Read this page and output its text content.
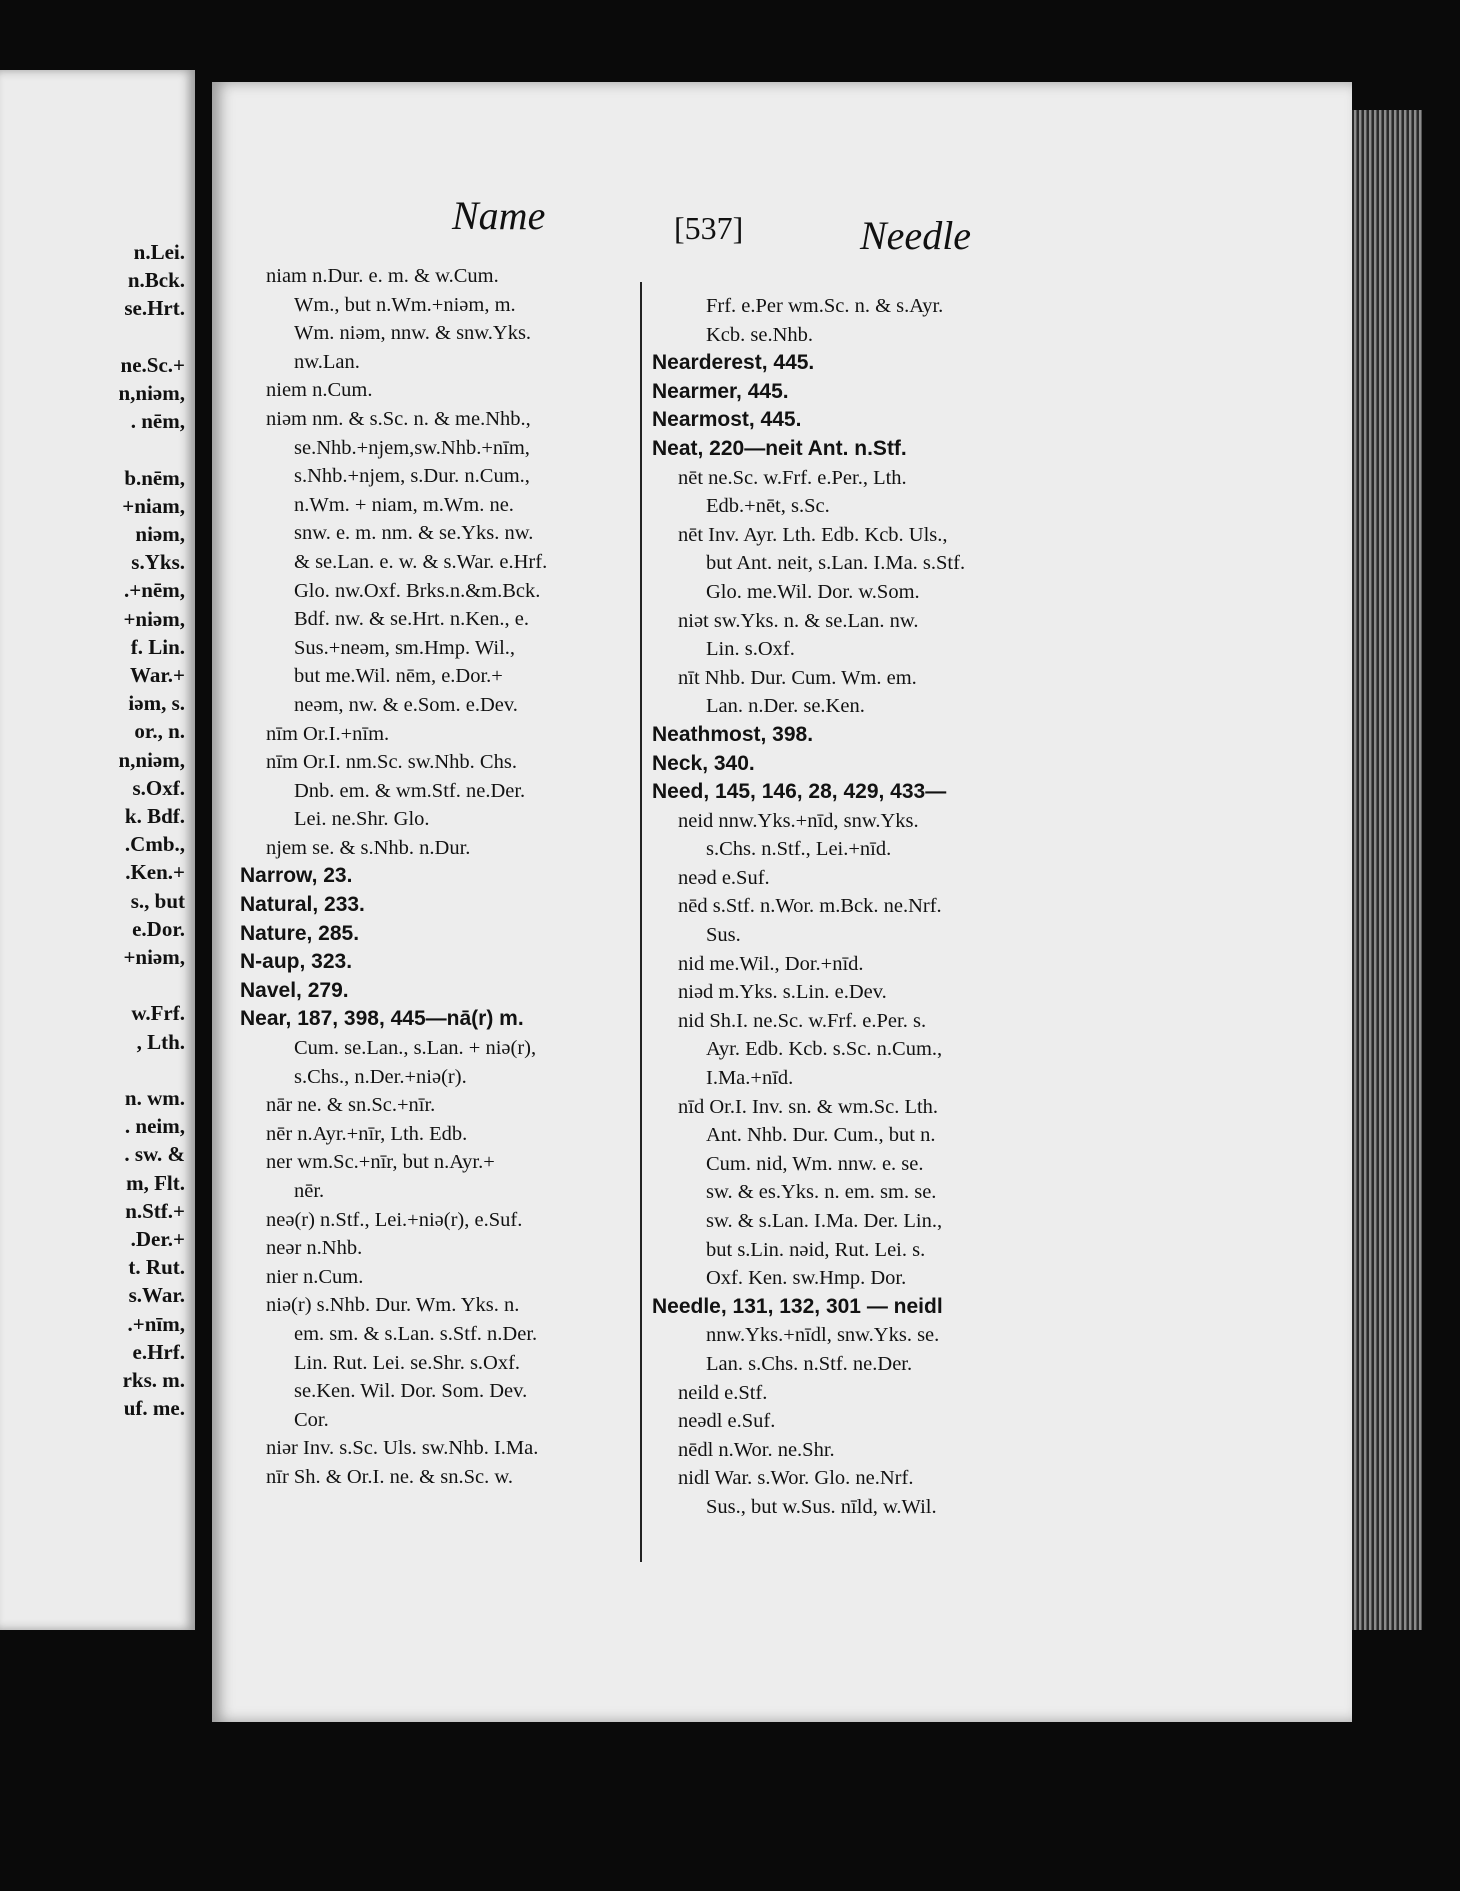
n.Lei.
n.Bck.
se.Hrt.
ne.Sc.+
n,niəm,
. nēm,
b.nēm,
+niam,
niəm,
s.Yks.
.+nēm,
+niəm,
f. Lin.
War.+
iəm, s.
or., n.
n,niəm,
s.Oxf.
k. Bdf.
.Cmb.,
.Ken.+
s., but
e.Dor.
+niəm,
w.Frf.
, Lth.
n. wm.
. neim,
. sw. &
m, Flt.
n.Stf.+
.Der.+
t. Rut.
s.War.
.+nīm,
e.Hrf.
rks. m.
uf. me.
Name	[537]	Needle
niam n.Dur. e. m. & w.Cum.
Wm., but n.Wm.+niəm, m.
Wm. niəm, nnw. & snw.Yks.
nw.Lan.
niem n.Cum.
niəm nm. & s.Sc. n. & me.Nhb.,
se.Nhb.+njem,sw.Nhb.+nīm,
s.Nhb.+njem, s.Dur. n.Cum.,
n.Wm. + niam, m.Wm. ne.
snw. e. m. nm. & se.Yks. nw.
& se.Lan. e. w. & s.War. e.Hrf.
Glo. nw.Oxf. Brks.n.&m.Bck.
Bdf. nw. & se.Hrt. n.Ken., e.
Sus.+neəm, sm.Hmp. Wil.,
but me.Wil. nēm, e.Dor.+
neəm, nw. & e.Som. e.Dev.
nīm Or.I.+nīm.
nīm Or.I. nm.Sc. sw.Nhb. Chs.
Dnb. em. & wm.Stf. ne.Der.
Lei. ne.Shr. Glo.
njem se. & s.Nhb. n.Dur.
Narrow, 23.
Natural, 233.
Nature, 285.
N-aup, 323.
Navel, 279.
Near, 187, 398, 445—nā(r) m.
Cum. se.Lan., s.Lan. + niə(r),
s.Chs., n.Der.+niə(r).
nār ne. & sn.Sc.+nīr.
nēr n.Ayr.+nīr, Lth. Edb.
ner wm.Sc.+nīr, but n.Ayr.+
nēr.
neə(r) n.Stf., Lei.+niə(r), e.Suf.
neər n.Nhb.
nier n.Cum.
niə(r) s.Nhb. Dur. Wm. Yks. n.
em. sm. & s.Lan. s.Stf. n.Der.
Lin. Rut. Lei. se.Shr. s.Oxf.
se.Ken. Wil. Dor. Som. Dev.
Cor.
niər Inv. s.Sc. Uls. sw.Nhb. I.Ma.
nīr Sh. & Or.I. ne. & sn.Sc. w.
Frf. e.Per wm.Sc. n. & s.Ayr.
Kcb. se.Nhb.
Nearderest, 445.
Nearmer, 445.
Nearmost, 445.
Neat, 220—neit Ant. n.Stf.
nēt ne.Sc. w.Frf. e.Per., Lth.
Edb.+nēt, s.Sc.
nēt Inv. Ayr. Lth. Edb. Kcb. Uls.,
but Ant. neit, s.Lan. I.Ma. s.Stf.
Glo. me.Wil. Dor. w.Som.
niət sw.Yks. n. & se.Lan. nw.
Lin. s.Oxf.
nīt Nhb. Dur. Cum. Wm. em.
Lan. n.Der. se.Ken.
Neathmost, 398.
Neck, 340.
Need, 145, 146, 28, 429, 433—
neid nnw.Yks.+nīd, snw.Yks.
s.Chs. n.Stf., Lei.+nīd.
neəd e.Suf.
nēd s.Stf. n.Wor. m.Bck. ne.Nrf.
Sus.
nid me.Wil., Dor.+nīd.
niəd m.Yks. s.Lin. e.Dev.
nid Sh.I. ne.Sc. w.Frf. e.Per. s.
Ayr. Edb. Kcb. s.Sc. n.Cum.,
I.Ma.+nīd.
nīd Or.I. Inv. sn. & wm.Sc. Lth.
Ant. Nhb. Dur. Cum., but n.
Cum. nid, Wm. nnw. e. se.
sw. & es.Yks. n. em. sm. se.
sw. & s.Lan. I.Ma. Der. Lin.,
but s.Lin. nəid, Rut. Lei. s.
Oxf. Ken. sw.Hmp. Dor.
Needle, 131, 132, 301 — neidl
nnw.Yks.+nīdl, snw.Yks. se.
Lan. s.Chs. n.Stf. ne.Der.
neild e.Stf.
neədl e.Suf.
nēdl n.Wor. ne.Shr.
nidl War. s.Wor. Glo. ne.Nrf.
Sus., but w.Sus. nīld, w.Wil.
